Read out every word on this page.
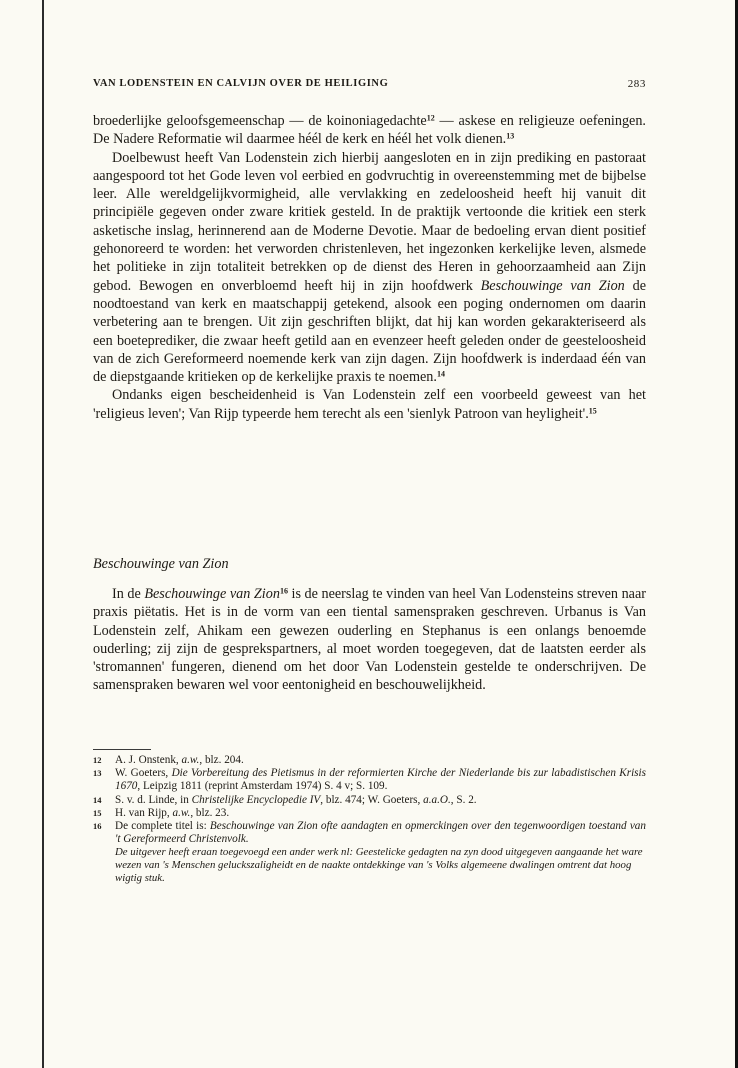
VAN LODENSTEIN EN CALVIJN OVER DE HEILIGING	283

broederlijke geloofsgemeenschap — de koinoniagedachte$^{12}$ — askese en religieuze oefeningen. De Nadere Reformatie wil daarmee héél de kerk en héél het volk dienen.$^{13}$

Doelbewust heeft Van Lodenstein zich hierbij aangesloten en in zijn prediking en pastoraat aangespoord tot het Gode leven vol eerbied en godvruchtig in overeenstemming met de bijbelse leer. Alle wereldgelijkvormigheid, alle vervlakking en zedeloosheid heeft hij vanuit dit principiële gegeven onder zware kritiek gesteld. In de praktijk vertoonde die kritiek een sterk asketische inslag, herinnerend aan de Moderne Devotie. Maar de bedoeling ervan dient positief gehonoreerd te worden: het verworden christenleven, het ingezonken kerkelijke leven, alsmede het politieke in zijn totaliteit betrekken op de dienst des Heren in gehoorzaamheid aan Zijn gebod. Bewogen en onverbloemd heeft hij in zijn hoofdwerk Beschouwinge van Zion de noodtoestand van kerk en maatschappij getekend, alsook een poging ondernomen om daarin verbetering aan te brengen. Uit zijn geschriften blijkt, dat hij kan worden gekarakteriseerd als een boeteprediker, die zwaar heeft getild aan en evenzeer heeft geleden onder de geesteloosheid van de zich Gereformeerd noemende kerk van zijn dagen. Zijn hoofdwerk is inderdaad één van de diepstgaande kritieken op de kerkelijke praxis te noemen.$^{14}$

Ondanks eigen bescheidenheid is Van Lodenstein zelf een voorbeeld geweest van het 'religieus leven'; Van Rijp typeerde hem terecht als een 'sienlyk Patroon van heyligheit'.$^{15}$

Beschouwinge van Zion

In de Beschouwinge van Zion$^{16}$ is de neerslag te vinden van heel Van Lodensteins streven naar praxis piëtatis. Het is in de vorm van een tiental samenspraken geschreven. Urbanus is Van Lodenstein zelf, Ahikam een gewezen ouderling en Stephanus is een onlangs benoemde ouderling; zij zijn de gesprekspartners, al moet worden toegegeven, dat de laatsten eerder als 'stromannen' fungeren, dienend om het door Van Lodenstein gestelde te onderschrijven. De samenspraken bewaren wel voor eentonigheid en beschouwelijkheid.

12 A. J. Onstenk, a.w., blz. 204.
13 W. Goeters, Die Vorbereitung des Pietismus in der reformierten Kirche der Niederlande bis zur labadistischen Krisis 1670, Leipzig 1811 (reprint Amsterdam 1974) S. 4 v; S. 109.
14 S. v. d. Linde, in Christelijke Encyclopedie IV, blz. 474; W. Goeters, a.a.O., S. 2.
15 H. van Rijp, a.w., blz. 23.
16 De complete titel is: Beschouwinge van Zion ofte aandagten en opmerckingen over den tegenwoordigen toestand van 't Gereformeerd Christenvolk.
De uitgever heeft eraan toegevoegd een ander werk nl: Geestelicke gedagten na zyn dood uitgegeven aangaande het ware wezen van 's Menschen geluckszaligheidt en de naakte ontdekkinge van 's Volks algemeene dwalingen omtrent dat hoog wigtig stuk.
